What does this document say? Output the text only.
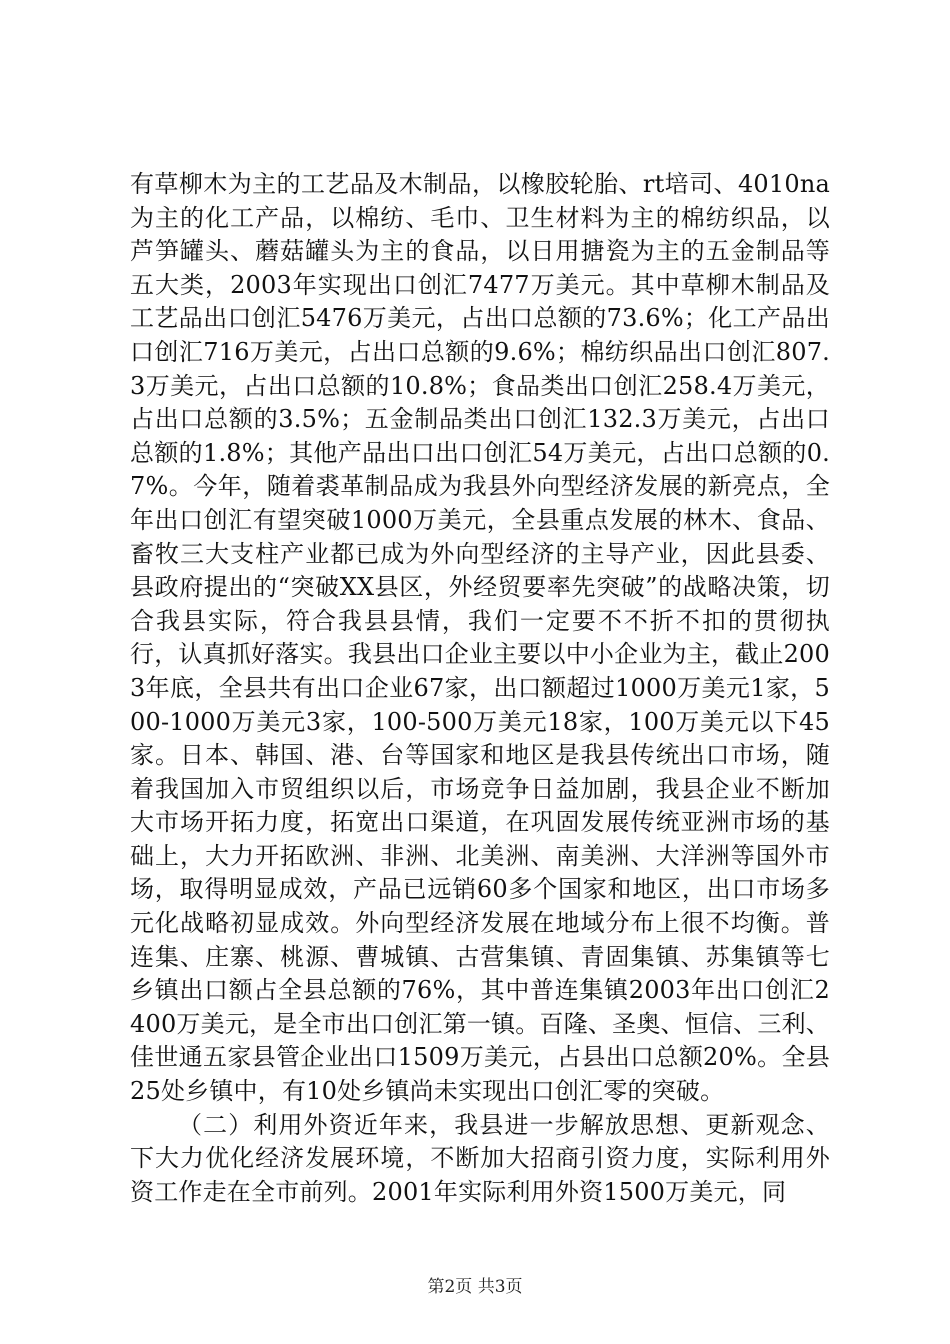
有草柳木为主的工艺品及木制品，以橡胶轮胎、rt培司、4010na为主的化工产品，以棉纺、毛巾、卫生材料为主的棉纺织品，以芦笋罐头、蘑菇罐头为主的食品，以日用搪瓷为主的五金制品等五大类，2003年实现出口创汇7477万美元。其中草柳木制品及工艺品出口创汇5476万美元，占出口总额的73.6%；化工产品出口创汇716万美元，占出口总额的9.6%；棉纺织品出口创汇807.3万美元，占出口总额的10.8%；食品类出口创汇258.4万美元，占出口总额的3.5%；五金制品类出口创汇132.3万美元，占出口总额的1.8%；其他产品出口出口创汇54万美元，占出口总额的0.7%。今年，随着裘革制品成为我县外向型经济发展的新亮点，全年出口创汇有望突破1000万美元，全县重点发展的林木、食品、畜牧三大支柱产业都已成为外向型经济的主导产业，因此县委、县政府提出的“突破XX县区，外经贸要率先突破”的战略决策，切合我县实际，符合我县县情，我们一定要不不折不扣的贯彻执行，认真抓好落实。我县出口企业主要以中小企业为主，截止2003年底，全县共有出口企业67家，出口额超过1000万美元1家，500-1000万美元3家，100-500万美元18家，100万美元以下45家。日本、韩国、港、台等国家和地区是我县传统出口市场，随着我国加入市贸组织以后，市场竞争日益加剧，我县企业不断加大市场开拓力度，拓宽出口渠道，在巩固发展传统亚洲市场的基础上，大力开拓欧洲、非洲、北美洲、南美洲、大洋洲等国外市场，取得明显成效，产品已远销60多个国家和地区，出口市场多元化战略初显成效。外向型经济发展在地域分布上很不均衡。普连集、庄寨、桃源、曹城镇、古营集镇、青固集镇、苏集镇等七乡镇出口额占全县总额的76%，其中普连集镇2003年出口创汇2400万美元，是全市出口创汇第一镇。百隆、圣奥、恒信、三利、佳世通五家县管企业出口1509万美元，占县出口总额20%。全县25处乡镇中，有10处乡镇尚未实现出口创汇零的突破。

（二）利用外资近年来，我县进一步解放思想、更新观念、下大力优化经济发展环境，不断加大招商引资力度，实际利用外资工作走在全市前列。2001年实际利用外资1500万美元，同

第2页 共3页
